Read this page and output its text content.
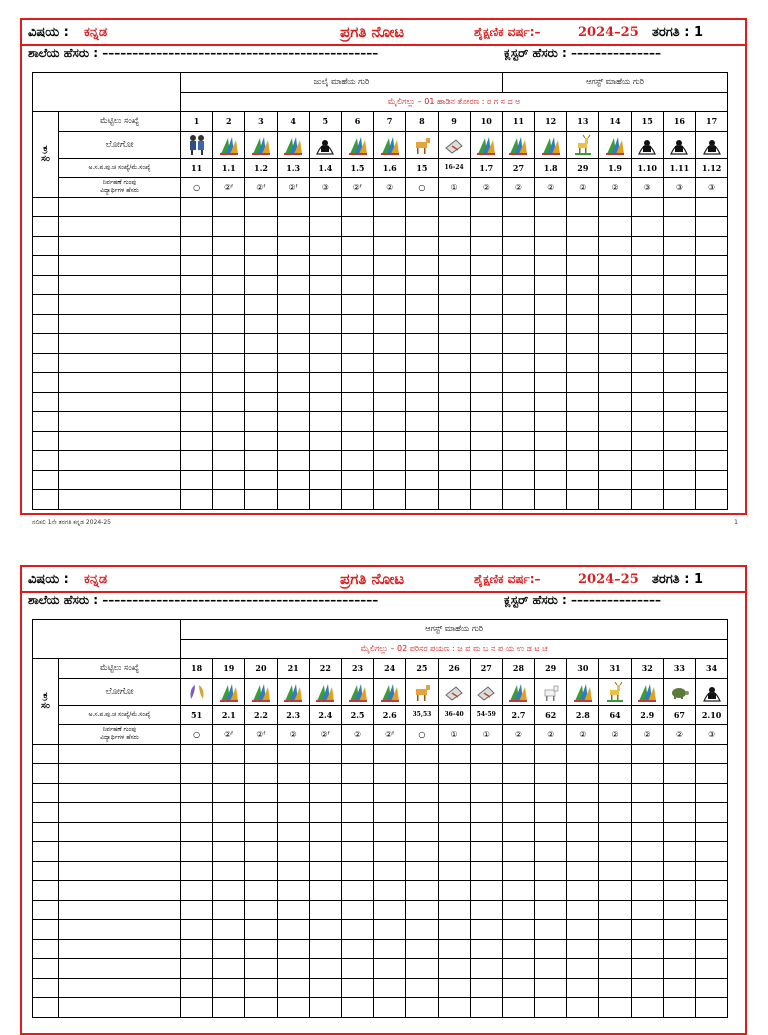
ವಿಷಯ : ಕನ್ನಡ	ಪ್ರಗತಿ ನೋಟ	ಶೈಕ್ಷಣಿಕ ವರ್ಷ:–	2024–25 ತರಗತಿ : 1
ಶಾಲೆಯ ಹೆಸರು : ––––––––––––––––––––––––––––––––––––––––––––––	ಕ್ಲಸ್ಟರ್ ಹೆಸರು : –––––––––––––––
		ಜುಲೈ ಮಾಹೆಯ ಗುರಿ										ಆಗಸ್ಟ್ ಮಾಹೆಯ ಗುರಿ						
		ಮೈಲಿಗಲ್ಲು – 01 ಹಾಡಿನ ತೋರಣ : ರ ಗ ಸ ದ ಅ																

ಕ್ರ
ಸಂ	ಮೆಟ್ಟಿಲು ಸಂಖ್ಯೆ	1	2	3	4	5	6	7	8	9	10	11	12	13	14	15	16	17
	ಲೋಗೋ	

	ಅ.ಸ.ಪ.ಪು.ಚ ಸಂಖ್ಯೆ/ಮೆ.ಸಂಖ್ಯೆ	11	1.1	1.2	1.3	1.4	1.5	1.6	15	16-24	1.7	27	1.8	29	1.9	1.10	1.11	1.12

	ನಿರ್ವಹಣೆ ಗುಂಪು
ವಿದ್ಯಾರ್ಥಿಗಳ ಹೆಸರು	○	②ᶠ	②ᶠ	②ᶠ	③	②ᶠ	②	○	①	②	②	②	②	②	③	③	③

ನಲಿಕಲಿ 1ನೇ ತರಗತಿ ಕನ್ನಡ 2024-25	1
ವಿಷಯ : ಕನ್ನಡ	ಪ್ರಗತಿ ನೋಟ	ಶೈಕ್ಷಣಿಕ ವರ್ಷ:–	2024–25 ತರಗತಿ : 1
ಶಾಲೆಯ ಹೆಸರು : ––––––––––––––––––––––––––––––––––––––––––––––	ಕ್ಲಸ್ಟರ್ ಹೆಸರು : –––––––––––––––
		ಆಗಸ್ಟ್ ಮಾಹೆಯ ಗುರಿ																
		ಮೈಲಿಗಲ್ಲು – 02 ಪರಿಸರ ಪಯಣ : ಜ ವ ಮ ಬ ನ ಪ ಯ ಉ ಡ ಟ ಚ																

ಕ್ರ
ಸಂ	ಮೆಟ್ಟಿಲು ಸಂಖ್ಯೆ	18	19	20	21	22	23	24	25	26	27	28	29	30	31	32	33	34
	ಲೋಗೋ	

	ಅ.ಸ.ಪ.ಪು.ಚ ಸಂಖ್ಯೆ/ಮೆ.ಸಂಖ್ಯೆ	51	2.1	2.2	2.3	2.4	2.5	2.6	35,53	36-40	54-59	2.7	62	2.8	64	2.9	67	2.10

	ನಿರ್ವಹಣೆ ಗುಂಪು
ವಿದ್ಯಾರ್ಥಿಗಳ ಹೆಸರು	○	②ᶠ	②ᶠ	②	②ᶠ	②	②ᶠ	○	①	①	②	②	②	②	②	②	③
